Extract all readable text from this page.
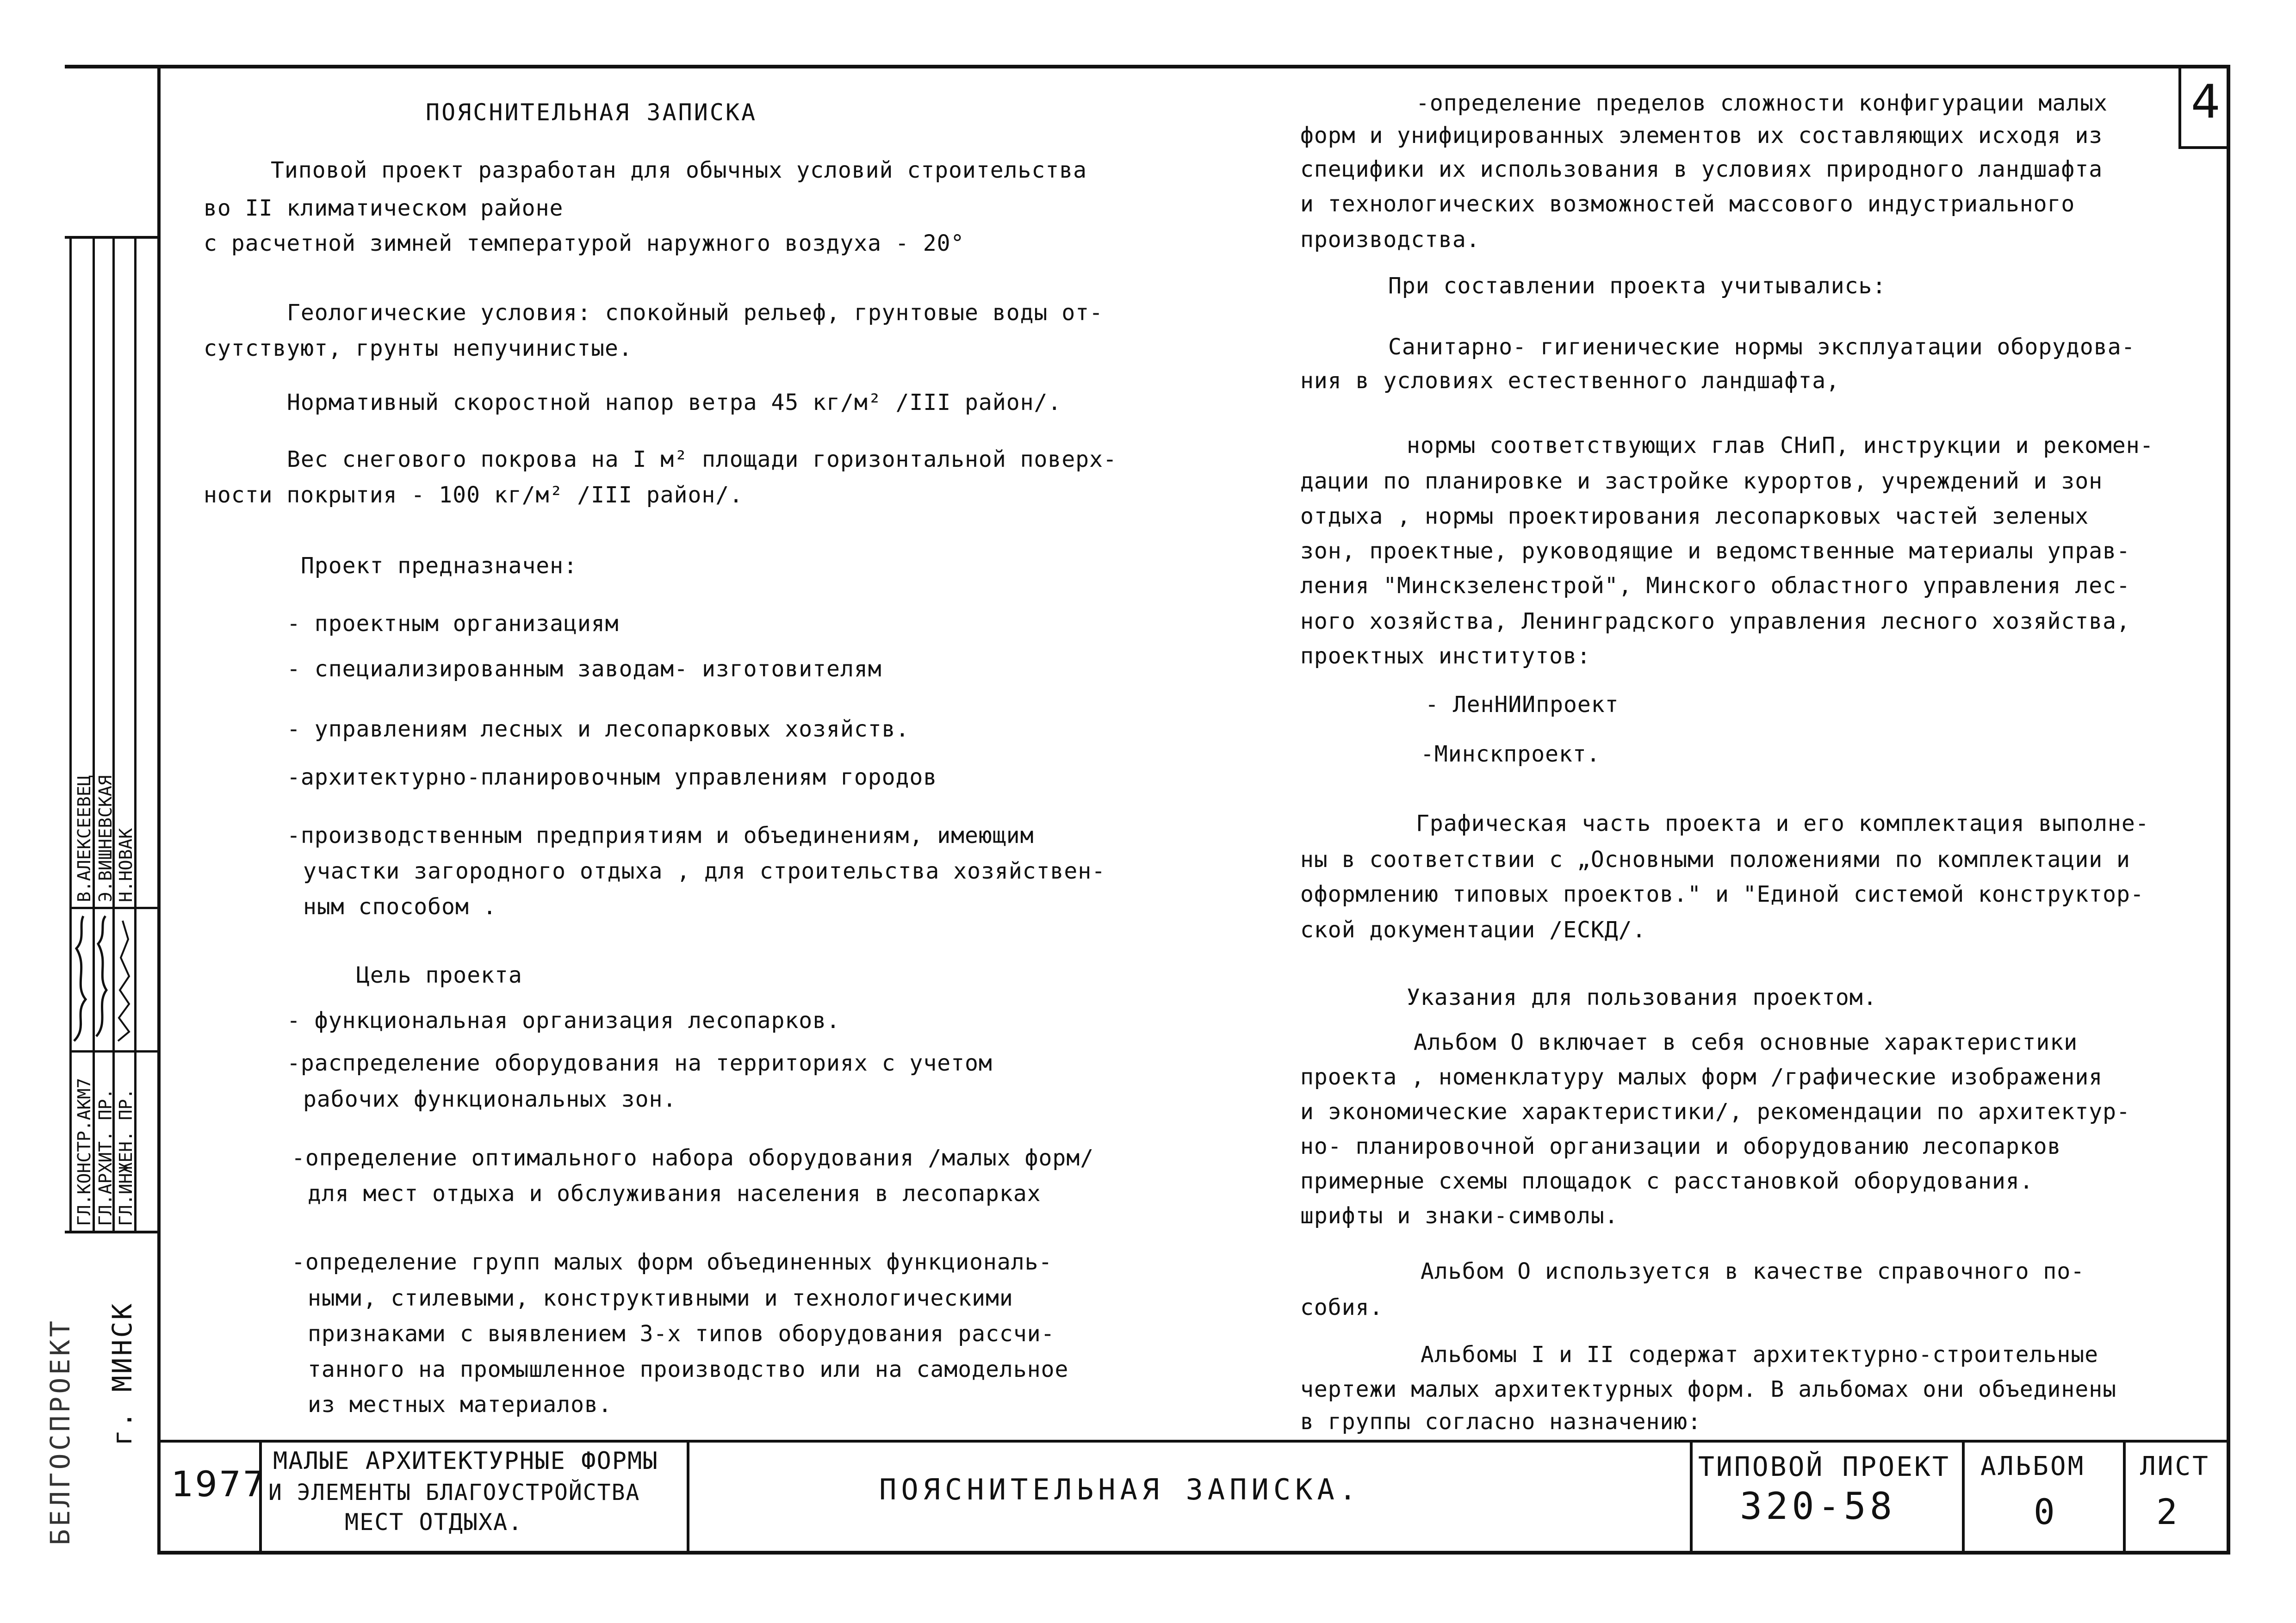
4
1977
МАЛЫЕ АРХИТЕКТУРНЫЕ ФОРМЫ
И ЭЛЕМЕНТЫ БЛАГОУСТРОЙСТВА
МЕСТ ОТДЫХА.
ПОЯСНИТЕЛЬНАЯ ЗАПИСКА.
ТИПОВОЙ ПРОЕКТ
320-58
АЛЬБОМ
0
ЛИСТ
2
ГЛ.КОНСТР.АКМ7 ГЛ.АРХИТ. ПР. ГЛ.ИНЖЕН. ПР.
В.АЛЕКСЕЕВЕЦ Э.ВИШНЕВСКАЯ Н.НОВАК
БЕЛГОСПРОЕКТ г. МИНСК
ПОЯСНИТЕЛЬНАЯ ЗАПИСКА
Типовой проект разработан для обычных условий строительства
во II климатическом районе
с расчетной зимней температурой наружного воздуха - 20°
Геологические условия: спокойный рельеф, грунтовые воды от-
сутствуют, грунты непучинистые.
Нормативный скоростной напор ветра 45 кг/м² /III район/.
Вес снегового покрова на I м² площади горизонтальной поверх-
ности покрытия - 100 кг/м² /III район/.
Проект предназначен:
- проектным организациям
- специализированным заводам- изготовителям
- управлениям лесных и лесопарковых хозяйств.
-архитектурно-планировочным управлениям городов
-производственным предприятиям и объединениям, имеющим
участки загородного отдыха , для строительства хозяйствен-
ным способом .
Цель проекта
- функциональная организация лесопарков.
-распределение оборудования на территориях с учетом
рабочих функциональных зон.
-определение оптимального набора оборудования /малых форм/
для мест отдыха и обслуживания населения в лесопарках
-определение групп малых форм объединенных функциональ-
ными, стилевыми, конструктивными и технологическими
признаками с выявлением 3-х типов оборудования рассчи-
танного на промышленное производство или на самодельное
из местных материалов.
-определение пределов сложности конфигурации малых
форм и унифицированных элементов их составляющих исходя из
специфики их использования в условиях природного ландшафта
и технологических возможностей массового индустриального
производства.
При составлении проекта учитывались:
Санитарно- гигиенические нормы эксплуатации оборудова-
ния в условиях естественного ландшафта,
нормы соответствующих глав СНиП, инструкции и рекомен-
дации по планировке и застройке курортов, учреждений и зон
отдыха , нормы проектирования лесопарковых частей зеленых
зон, проектные, руководящие и ведомственные материалы управ-
ления "Минскзеленстрой", Минского областного управления лес-
ного хозяйства, Ленинградского управления лесного хозяйства,
проектных институтов:
- ЛенНИИпроект
-Минскпроект.
Графическая часть проекта и его комплектация выполне-
ны в соответствии с „Основными положениями по комплектации и
оформлению типовых проектов." и "Единой системой конструктор-
ской документации /ЕСКД/.
Указания для пользования проектом.
Альбом О включает в себя основные характеристики
проекта , номенклатуру малых форм /графические изображения
и экономические характеристики/, рекомендации по архитектур-
но- планировочной организации и оборудованию лесопарков
примерные схемы площадок с расстановкой оборудования.
шрифты и знаки-символы.
Альбом О используется в качестве справочного по-
собия.
Альбомы I и II содержат архитектурно-строительные
чертежи малых архитектурных форм. В альбомах они объединены
в группы согласно назначению:
